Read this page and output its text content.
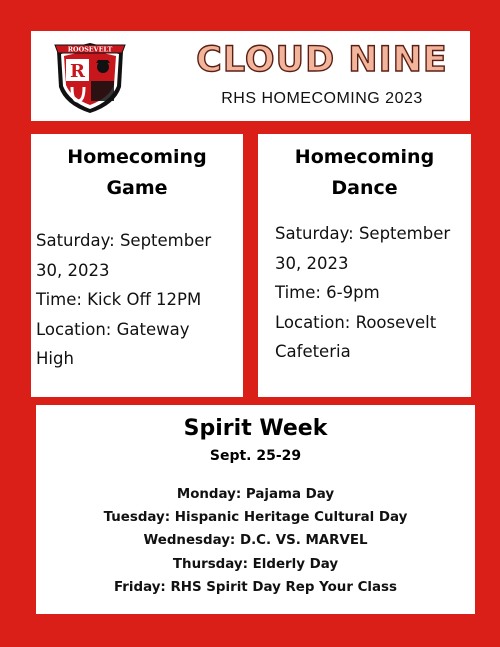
R
ROOSEVELT	CLOUD NINE
RHS HOMECOMING 2023
Homecoming
Game
Saturday: September
30, 2023
Time: Kick Off 12PM
Location: Gateway
High
Homecoming
Dance
Saturday: September
30, 2023
Time: 6-9pm
Location: Roosevelt
Cafeteria
Spirit Week
Sept. 25-29
Monday: Pajama Day
Tuesday: Hispanic Heritage Cultural Day
Wednesday: D.C. VS. MARVEL
Thursday: Elderly Day
Friday: RHS Spirit Day Rep Your Class
